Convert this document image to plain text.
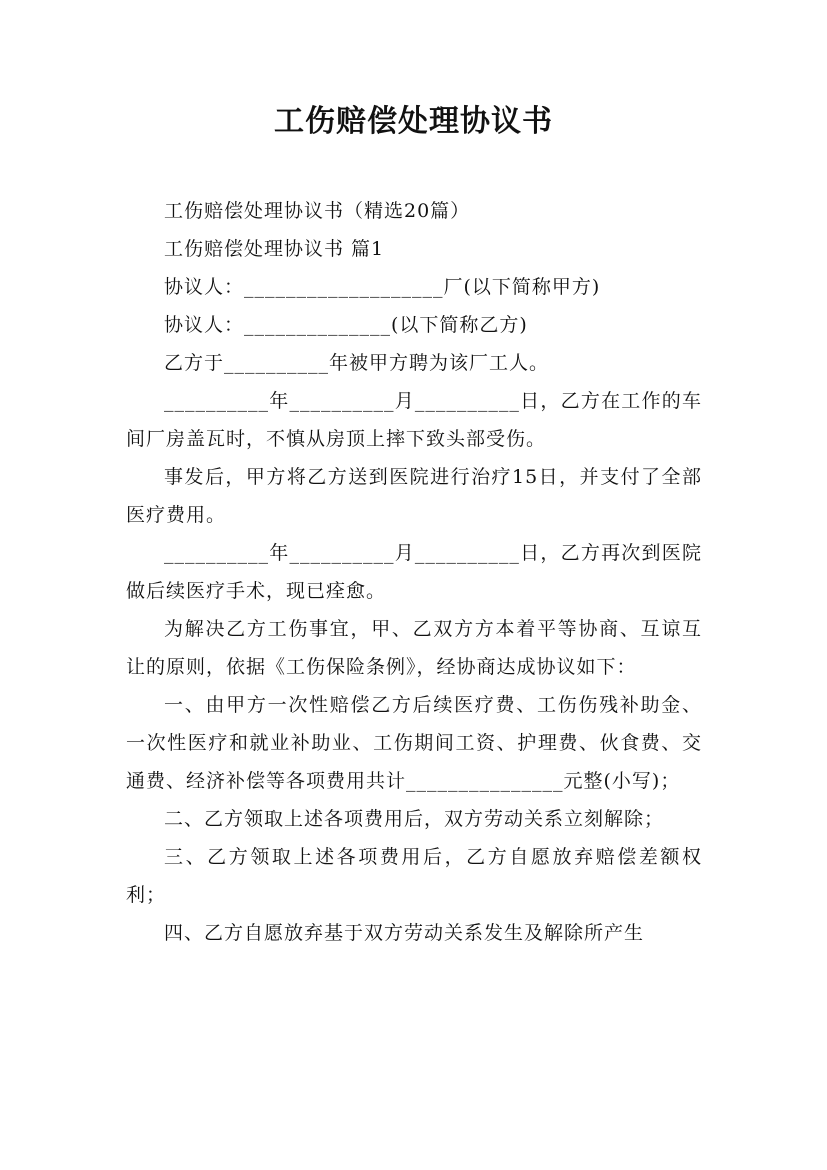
工伤赔偿处理协议书

工伤赔偿处理协议书（精选20篇）

工伤赔偿处理协议书 篇1

协议人：___________________厂(以下简称甲方)

协议人：______________(以下简称乙方)

乙方于__________年被甲方聘为该厂工人。

__________年__________月__________日，乙方在工作的车间厂房盖瓦时，不慎从房顶上摔下致头部受伤。

事发后，甲方将乙方送到医院进行治疗15日，并支付了全部医疗费用。

__________年__________月__________日，乙方再次到医院做后续医疗手术，现已痊愈。

为解决乙方工伤事宜，甲、乙双方方本着平等协商、互谅互让的原则，依据《工伤保险条例》，经协商达成协议如下：

一、由甲方一次性赔偿乙方后续医疗费、工伤伤残补助金、一次性医疗和就业补助业、工伤期间工资、护理费、伙食费、交通费、经济补偿等各项费用共计_______________元整(小写)；

二、乙方领取上述各项费用后，双方劳动关系立刻解除；

三、乙方领取上述各项费用后，乙方自愿放弃赔偿差额权利；

四、乙方自愿放弃基于双方劳动关系发生及解除所产生
